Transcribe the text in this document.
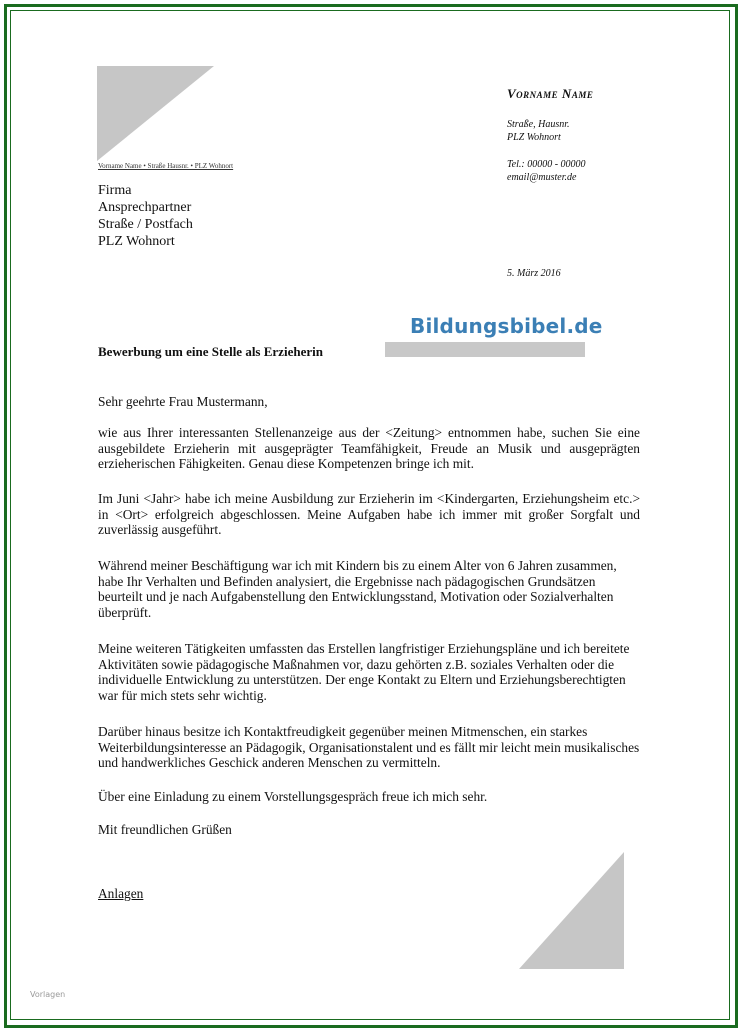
Vorname Name
Straße, Hausnr.
PLZ Wohnort
Tel.: 00000 - 00000
email@muster.de
Vorname Name • Straße Hausnr. • PLZ Wohnort
Firma
Ansprechpartner
Straße / Postfach
PLZ Wohnort
5. März 2016
Bildungsbibel.de
Bewerbung um eine Stelle als Erzieherin
Sehr geehrte Frau Mustermann,
wie aus Ihrer interessanten Stellenanzeige aus der <Zeitung> entnommen habe, suchen Sie eine ausgebildete Erzieherin mit ausgeprägter Teamfähigkeit, Freude an Musik und ausgeprägten erzieherischen Fähigkeiten. Genau diese Kompetenzen bringe ich mit.
Im Juni <Jahr> habe ich meine Ausbildung zur Erzieherin im <Kindergarten, Erziehungsheim etc.> in <Ort> erfolgreich abgeschlossen. Meine Aufgaben habe ich immer mit großer Sorgfalt und zuverlässig ausgeführt.
Während meiner Beschäftigung war ich mit Kindern bis zu einem Alter von 6 Jahren zusammen, habe Ihr Verhalten und Befinden analysiert, die Ergebnisse nach pädagogischen Grundsätzen beurteilt und je nach Aufgabenstellung den Entwicklungsstand, Motivation oder Sozialverhalten überprüft.
Meine weiteren Tätigkeiten umfassten das Erstellen langfristiger Erziehungspläne und ich bereitete Aktivitäten sowie pädagogische Maßnahmen vor, dazu gehörten z.B. soziales Verhalten oder die individuelle Entwicklung zu unterstützen. Der enge Kontakt zu Eltern und Erziehungsberechtigten war für mich stets sehr wichtig.
Darüber hinaus besitze ich Kontaktfreudigkeit gegenüber meinen Mitmenschen, ein starkes Weiterbildungsinteresse an Pädagogik, Organisationstalent und es fällt mir leicht mein musikalisches und handwerkliches Geschick anderen Menschen zu vermitteln.
Über eine Einladung zu einem Vorstellungsgespräch freue ich mich sehr.
Mit freundlichen Grüßen
Anlagen
Vorlagen
